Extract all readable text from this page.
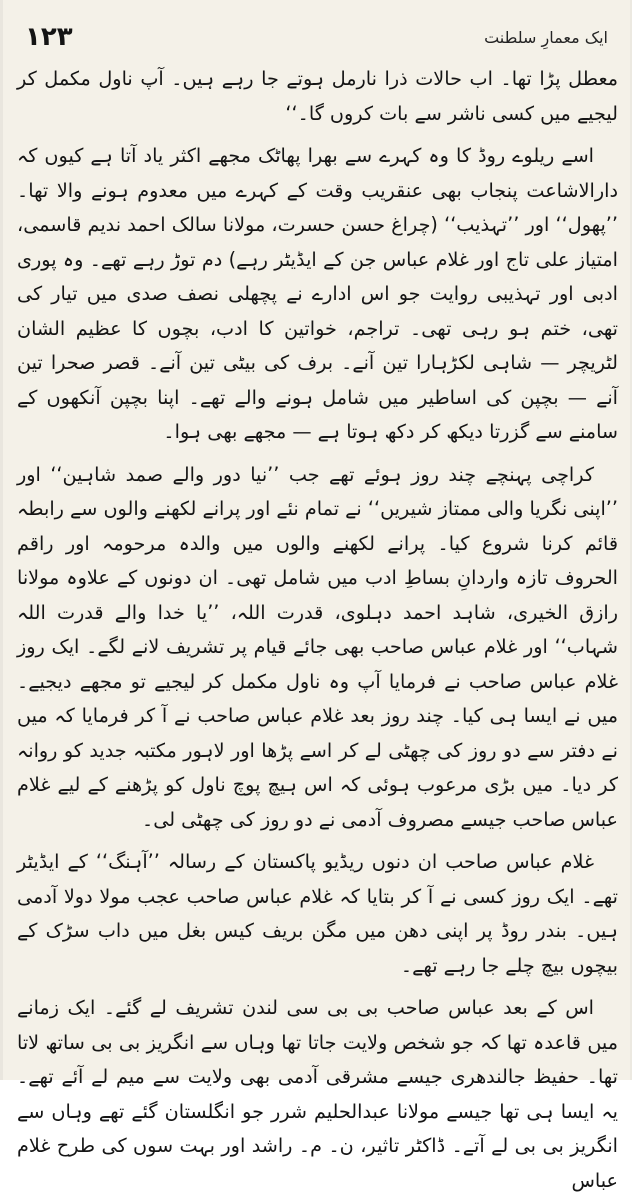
۱۲۳	ایک معمارِ سلطنت

معطل پڑا تھا۔ اب حالات ذرا نارمل ہوتے جا رہے ہیں۔ آپ ناول مکمل کر لیجیے میں کسی ناشر سے بات کروں گا۔‘‘

اسے ریلوے روڈ کا وہ کہرے سے بھرا پھاٹک مجھے اکثر یاد آتا ہے کیوں کہ دارالاشاعت پنجاب بھی عنقریب وقت کے کہرے میں معدوم ہونے والا تھا۔ ’’پھول‘‘ اور ’’تہذیب‘‘ (چراغ حسن حسرت، مولانا سالک احمد ندیم قاسمی، امتیاز علی تاج اور غلام عباس جن کے ایڈیٹر رہے) دم توڑ رہے تھے۔ وہ پوری ادبی اور تہذیبی روایت جو اس ادارے نے پچھلی نصف صدی میں تیار کی تھی، ختم ہو رہی تھی۔ تراجم، خواتین کا ادب، بچوں کا عظیم الشان لٹریچر — شاہی لکڑہارا تین آنے۔ برف کی بیٹی تین آنے۔ قصر صحرا تین آنے — بچپن کی اساطیر میں شامل ہونے والے تھے۔ اپنا بچپن آنکھوں کے سامنے سے گزرتا دیکھ کر دکھ ہوتا ہے — مجھے بھی ہوا۔

کراچی پہنچے چند روز ہوئے تھے جب ’’نیا دور والے صمد شاہین‘‘ اور ’’اپنی نگریا والی ممتاز شیریں‘‘ نے تمام نئے اور پرانے لکھنے والوں سے رابطہ قائم کرنا شروع کیا۔ پرانے لکھنے والوں میں والدہ مرحومہ اور راقم الحروف تازہ واردانِ بساطِ ادب میں شامل تھی۔ ان دونوں کے علاوہ مولانا رازق الخیری، شاہد احمد دہلوی، قدرت اللہ، ’’یا خدا والے قدرت اللہ شہاب‘‘ اور غلام عباس صاحب بھی جائے قیام پر تشریف لانے لگے۔ ایک روز غلام عباس صاحب نے فرمایا آپ وہ ناول مکمل کر لیجیے تو مجھے دیجیے۔ میں نے ایسا ہی کیا۔ چند روز بعد غلام عباس صاحب نے آ کر فرمایا کہ میں نے دفتر سے دو روز کی چھٹی لے کر اسے پڑھا اور لاہور مکتبہ جدید کو روانہ کر دیا۔ میں بڑی مرعوب ہوئی کہ اس ہیچ پوچ ناول کو پڑھنے کے لیے غلام عباس صاحب جیسے مصروف آدمی نے دو روز کی چھٹی لی۔

غلام عباس صاحب ان دنوں ریڈیو پاکستان کے رسالہ ’’آہنگ‘‘ کے ایڈیٹر تھے۔ ایک روز کسی نے آ کر بتایا کہ غلام عباس صاحب عجب مولا دولا آدمی ہیں۔ بندر روڈ پر اپنی دھن میں مگن بریف کیس بغل میں داب سڑک کے بیچوں بیچ چلے جا رہے تھے۔

اس کے بعد عباس صاحب بی بی سی لندن تشریف لے گئے۔ ایک زمانے میں قاعدہ تھا کہ جو شخص ولایت جاتا تھا وہاں سے انگریز بی بی ساتھ لاتا تھا۔ حفیظ جالندھری جیسے مشرقی آدمی بھی ولایت سے میم لے آئے تھے۔ یہ ایسا ہی تھا جیسے مولانا عبدالحلیم شرر جو انگلستان گئے تھے وہاں سے انگریز بی بی لے آتے۔ ڈاکٹر تاثیر، ن۔ م۔ راشد اور بہت سوں کی طرح غلام عباس
